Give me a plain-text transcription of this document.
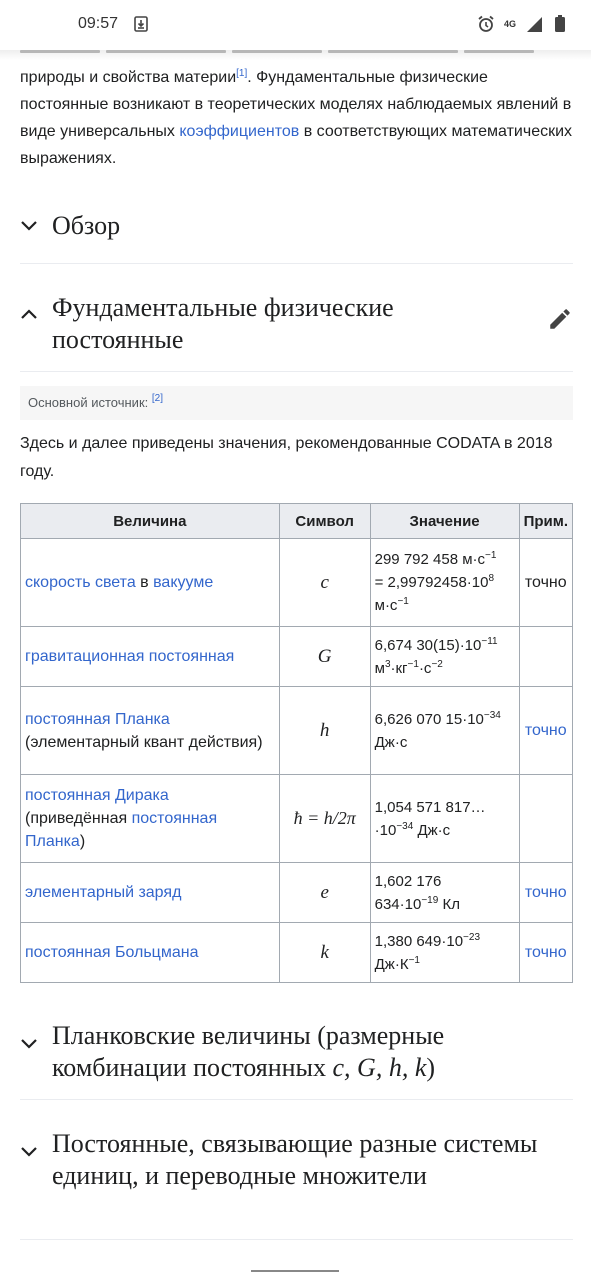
09:57	4G

природы и свойства материи[1]. Фундаментальные физические постоянные возникают в теоретических моделях наблюдаемых явлений в виде универсальных коэффициентов в соответствующих математических выражениях.

Обзор
Фундаментальные физические постоянные
Основной источник: [2]

Здесь и далее приведены значения, рекомендованные CODATA в 2018 году.

Величина	Символ	Значение	Прим.
скорость света в вакууме	c	299 792 458 $м\cdot с^{-1}$
= $2,99792458\cdot 10^8$
$м\cdot с^{-1}$	точно
гравитационная постоянная	G	6,674 $30(15)\cdot 10^{-11}$
$м^3\cdot кг^{-1}\cdot с^{-2}$	
постоянная Планка
(элементарный квант действия)	h	6,626 070 $15\cdot 10^{-34}$
Дж·с	точно
постоянная Дирака
(приведённая постоянная Планка)	ħ = h/2π	1,054 571 817…
$\cdot 10^{-34}$ Дж·с	
элементарный заряд	e	1,602 176
$634\cdot 10^{-19}$ Кл	точно
постоянная Больцмана	k	1,380 $649\cdot 10^{-23}$
$Дж\cdot К^{-1}$	точно
Планковские величины (размерные комбинации постоянных c, G, h, k)
Постоянные, связывающие разные системы единиц, и переводные множители
